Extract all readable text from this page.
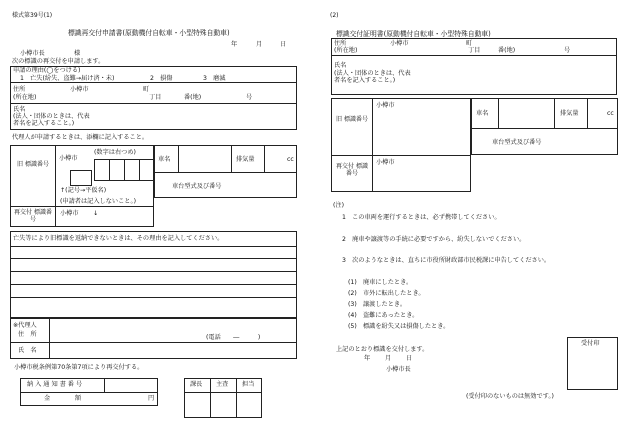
様式第39号(1)
標識再交付申請書(原動機付自転車・小型特殊自動車)
年	月	日
小樽市長	様
次の標識の再交付を申請します。
申請の理由(◯をつける)
1　亡失(紛失、盗難→届け済・未)	2　損傷	3　磨滅
住所
(所在地)
小樽市	町
丁目	番(地)	号
氏名
(法人・団体のときは、代表
者名を記入すること。)
代理人が申請するときは、添欄に記入すること。
旧 標識番号
小樽市
(数字は右つめ)
↑(記号→平仮名)
(申請者は記入しないこと。)
再交付 標識番号
小樽市 ↓
車名	排気量	cc
車台型式及び番号
亡失等により旧標識を返納できないときは、その理由を記入してください。
※代理人
住　所	(電話　　―　　　)
氏　名
小樽市税条例第70条第7項により再交付する。
納 入 通 知 書 番 号
金　　　　額	円
課長 主査 担当
(2)
標識交付証明書(原動機付自転車・小型特殊自動車)
住所
(所在地)
小樽市	町
丁目	番(地)	号
氏名
(法人・団体のときは、代表
者名を記入すること。)
旧 標識番号
小樽市
再交付 標識番号
小樽市
車名	排気量	cc
車台型式及び番号
(注)
1　この車両を運行するときは、必ず携帯してください。
2　廃車や譲渡等の手続に必要ですから、紛失しないでください。
3　次のようなときは、直ちに市役所財政部市民税課に申告してください。
(1)　廃車にしたとき。
(2)　市外に転出したとき。
(3)　譲渡したとき。
(4)　盗難にあったとき。
(5)　標識を紛失又は損傷したとき。
上記のとおり標識を交付します。
年 月 日
小樽市長
受付印
(受付印のないものは無効です。)
